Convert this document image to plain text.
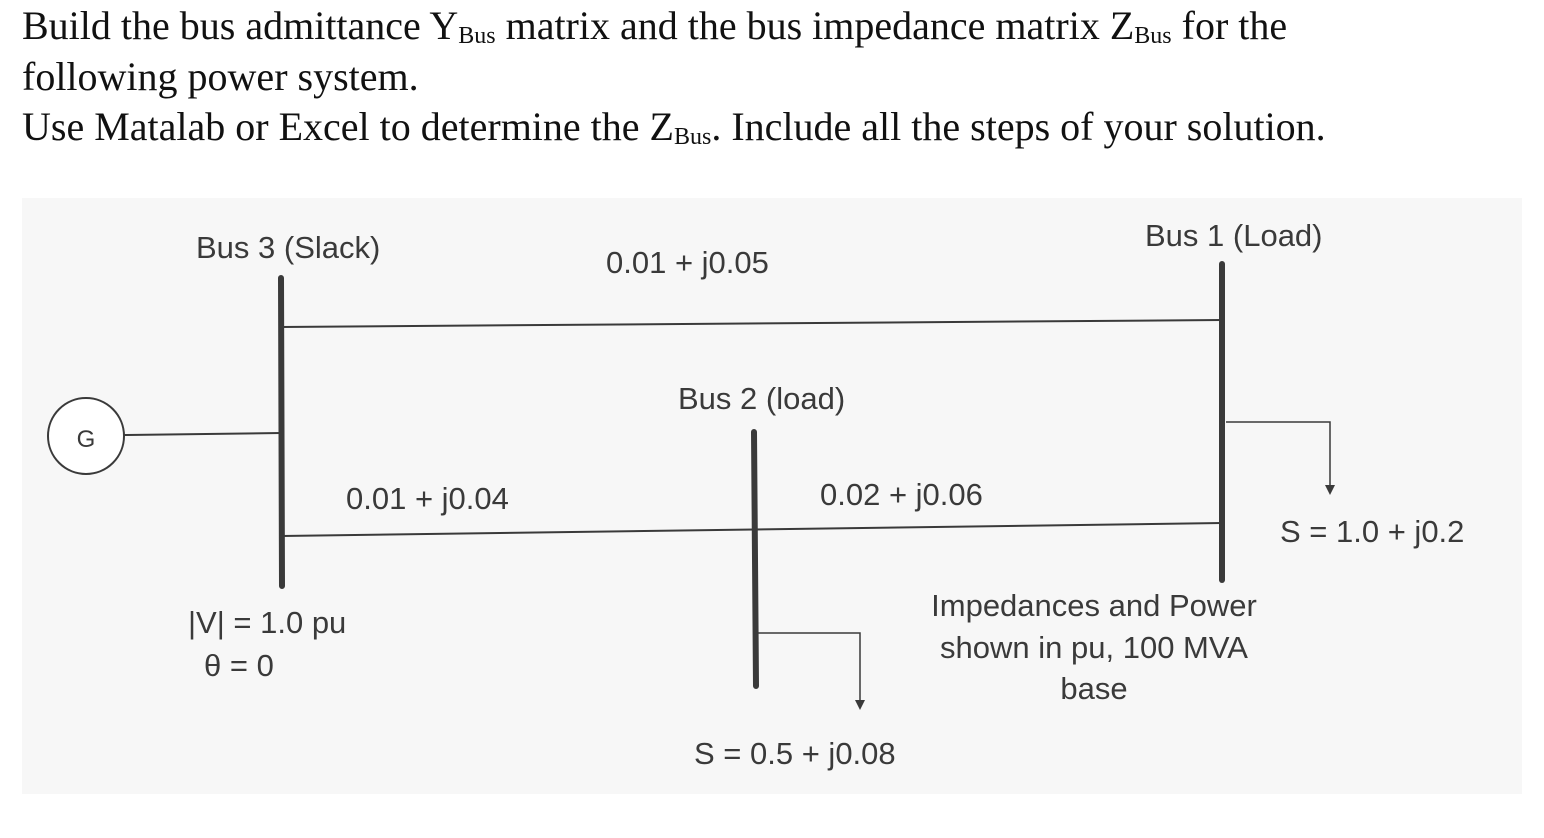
Build the bus admittance $Y_{Bus}$ matrix and the bus impedance matrix $Z_{Bus}$ for the
following power system.
Use Matalab or Excel to determine the $Z_{Bus}$. Include all the steps of your solution.
G
Bus 3 (Slack)	Bus 1 (Load)
Bus 2 (load)
0.01 + j0.05
0.01 + j0.04	0.02 + j0.06
S = 1.0 + j0.2
S = 0.5 + j0.08
|V| = 1.0 pu
θ = 0
Impedances and Power
shown in pu, 100 MVA
base
